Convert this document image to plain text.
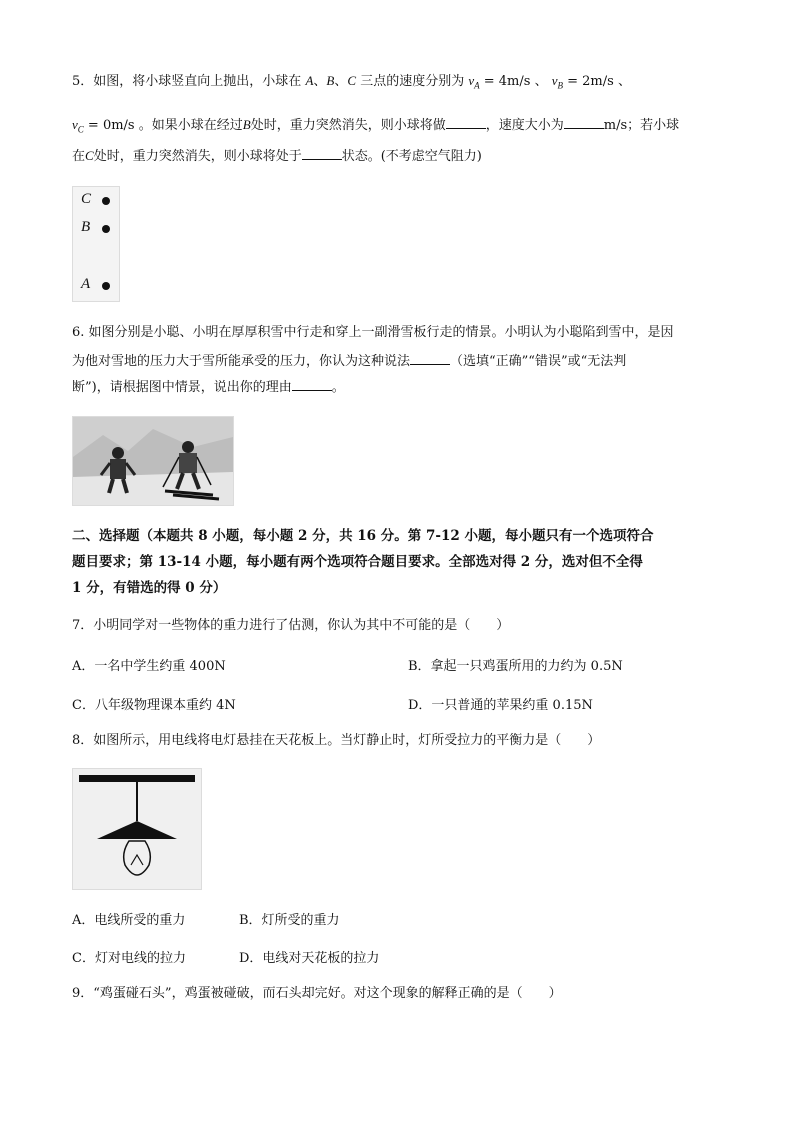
5．如图，将小球竖直向上抛出，小球在 A、B、C 三点的速度分别为 $v_A = 4m/s$ 、 $v_B = 2m/s$ 、
$v_C = 0m/s$ 。如果小球在经过B处时，重力突然消失，则小球将做	，速度大小为	m/s；若小球
在C处时，重力突然消失，则小球将处于	状态。(不考虑空气阻力)
C
B
A
6. 如图分别是小聪、小明在厚厚积雪中行走和穿上一副滑雪板行走的情景。小明认为小聪陷到雪中，是因
为他对雪地的压力大于雪所能承受的压力，你认为这种说法	（选填“正确”“错误”或“无法判
断”)，请根据图中情景，说出你的理由	。
二、选择题（本题共 8 小题，每小题 2 分，共 16 分。第 7-12 小题，每小题只有一个选项符合
题目要求；第 13-14 小题，每小题有两个选项符合题目要求。全部选对得 2 分，选对但不全得
1 分，有错选的得 0 分）
7．小明同学对一些物体的重力进行了估测，你认为其中不可能的是（　　）
A．一名中学生约重 400N	B．拿起一只鸡蛋所用的力约为 0.5N
C．八年级物理课本重约 4N	D．一只普通的苹果约重 0.15N
8．如图所示，用电线将电灯悬挂在天花板上。当灯静止时，灯所受拉力的平衡力是（　　）
A．电线所受的重力	B．灯所受的重力
C．灯对电线的拉力	D．电线对天花板的拉力
9．“鸡蛋碰石头”，鸡蛋被碰破，而石头却完好。对这个现象的解释正确的是（　　）
